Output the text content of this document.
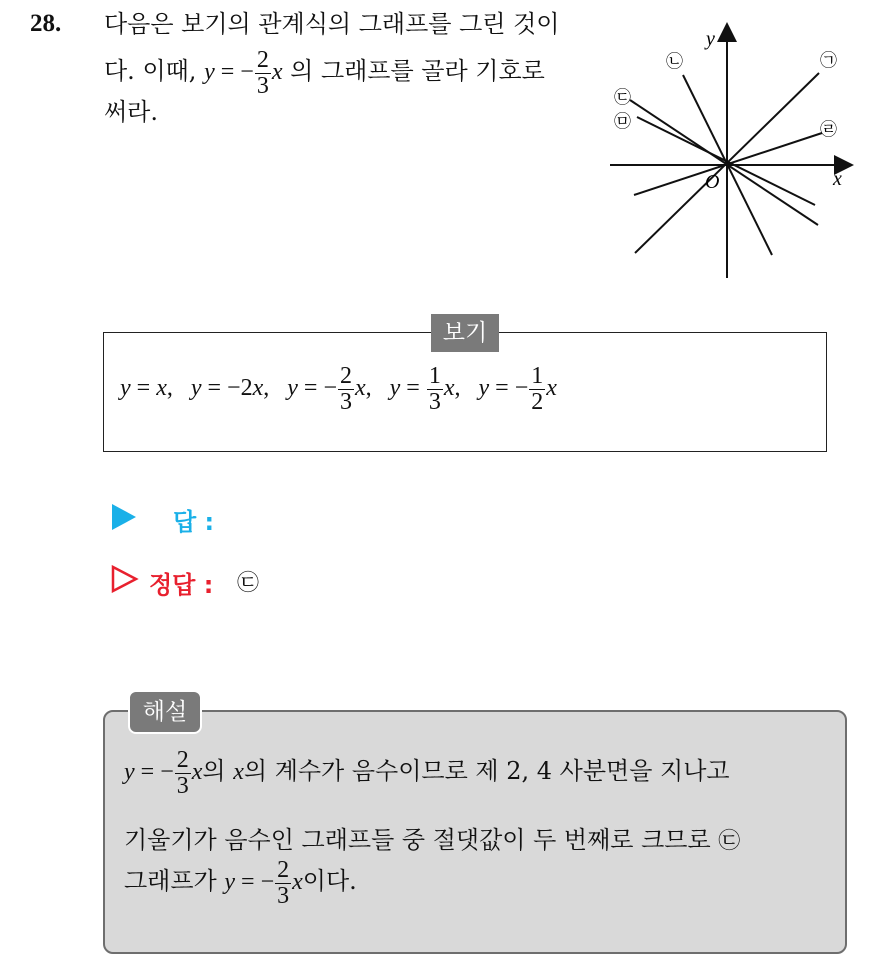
28. 다음은 보기의 관계식의 그래프를 그린 것이
다. 이때, y = − $\frac{2}{3}$ x 의 그래프를 골라 기호로
써라.
x
y
O
㉠
㉡
㉢
㉣
㉤
보기
y = x,   y = −2x,   y = − $\frac{2}{3} x$,   $y = \frac{1}{3} x$,   y = − $\frac{1}{2}$ x
답 :
정답 : ㉢
해설
y = − $\frac{2}{3}$ x의 x의 계수가 음수이므로 제 2, 4 사분면을 지나고
기울기가 음수인 그래프들 중 절댓값이 두 번째로 크므로 ㉢
그래프가 y = − $\frac{2}{3}$ x이다.
